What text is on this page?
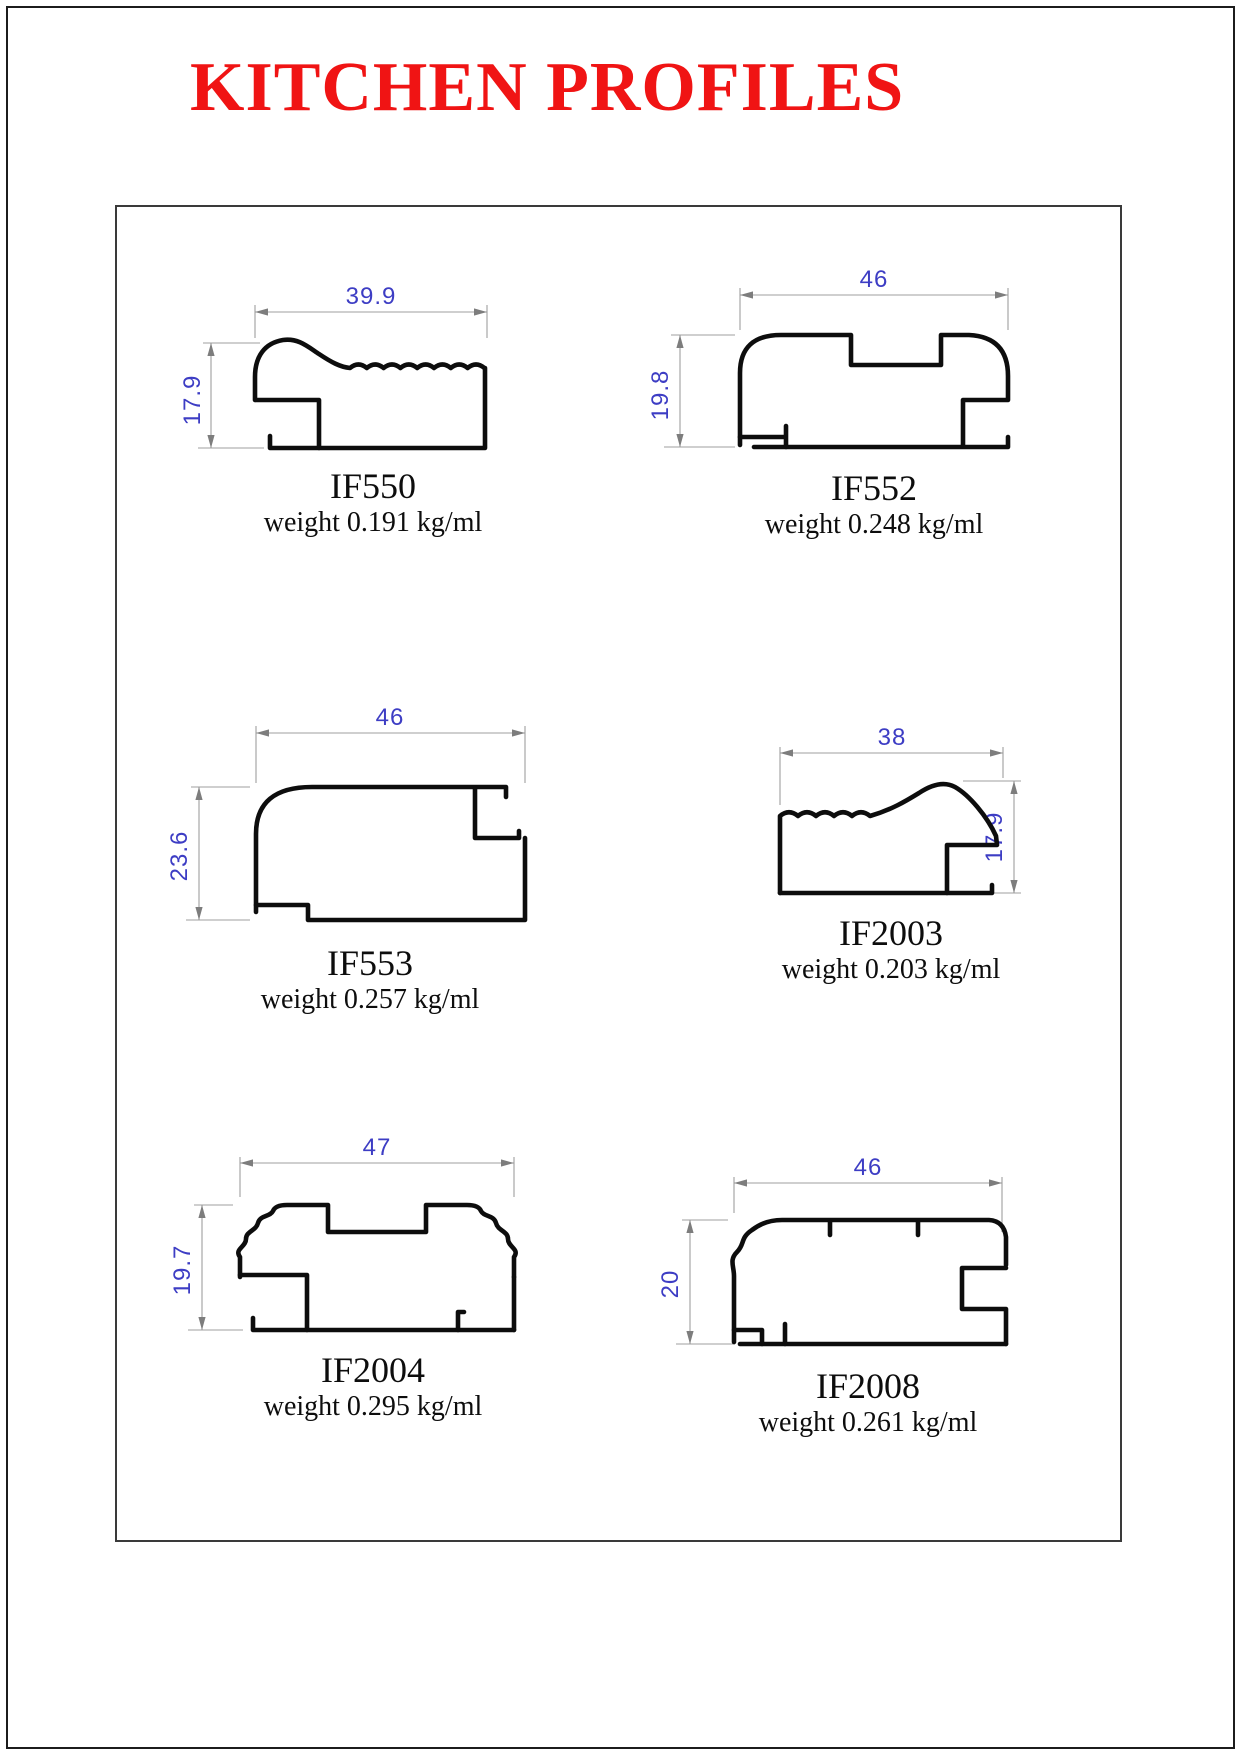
KITCHEN PROFILES
39.9
17.9
IF550
weight 0.191 kg/ml
46
19.8
IF552
weight 0.248 kg/ml
46
23.6
IF553
weight 0.257 kg/ml
38
17.9
IF2003
weight 0.203 kg/ml
47
19.7
IF2004
weight 0.295 kg/ml
46
20
IF2008
weight 0.261 kg/ml
